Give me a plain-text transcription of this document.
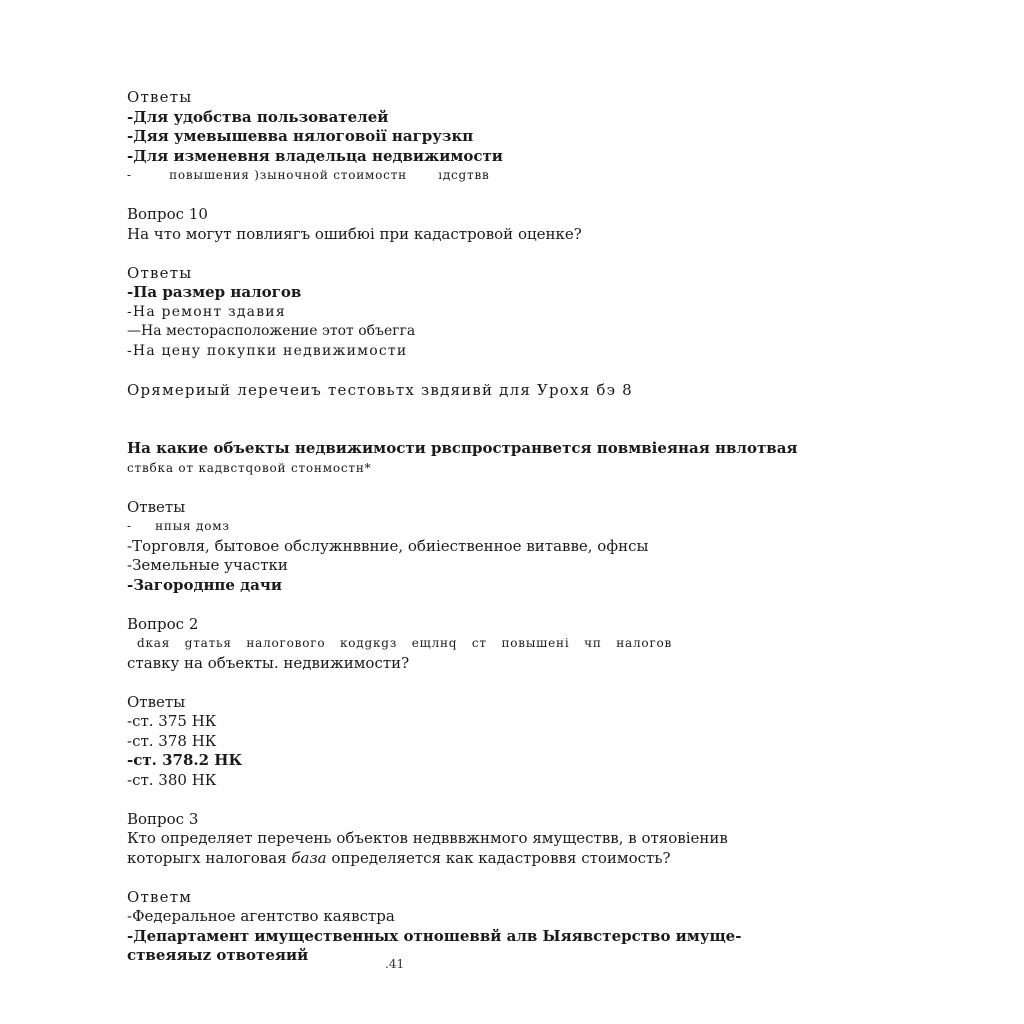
Ответы
-Для удобства пользователей
-Дяя умевышевва нялоговоії нагрузкп
-Для изменевня владельца недвижимости
-	повышения )зыночной стоимостн	ıдсgтвв
Вопрос 10
На что могут повлиягъ ошибюі при кадастровой оценке?
Ответы
-Па размер налогов
-На ремонт здавия
—На месторасположение этот объегга
-На цену покупки недвижимости
Орямериый леречеиъ тестовьтх звдяивй для Урохя бэ 8
На какие объекты недвижимости рвспространвется повмвіеяная нвлотвая
ствбка от кадвстqовой стонмостн*
Ответы
- нпыя домз
-Торговля, бытовое обслужнввние, обиіественное витавве, офнсы
-Земельные участки
-Загороднпе дачи
Вопрос 2
dкая gтатья налогового кодgкgз eщлнq ст повышeнi чп налогов
ставку на объекты. недвижимости?
Ответы
-ст. 375 НК
-ст. 378 НК
-ст. 378.2 НК
-ст. 380 НК
Вопрос 3
Кто определяет перечень объектов недвввжнмого ямуществв, в отяовіенив
которыгх налоговая база определяется как кадастроввя стоимость?
Ответм
-Федеральное агентство каявстра
-Департамент имущественных отношеввй алв Ыяявстерство имуще-
ствеяяыz отвотеяий	.41
